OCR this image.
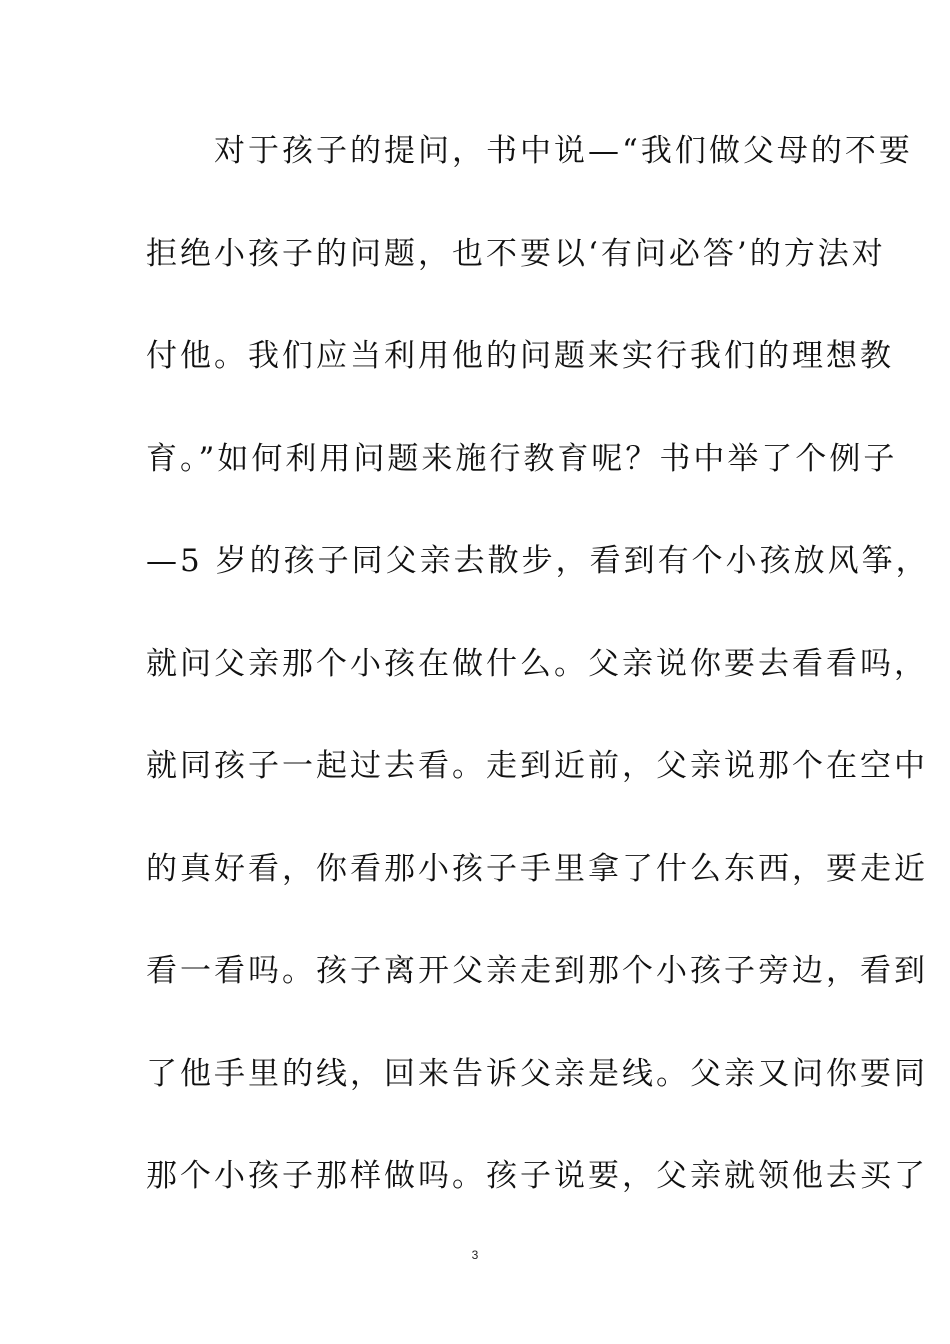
　　对于孩子的提问，书中说—“我们做父母的不要
拒绝小孩子的问题，也不要以‘有问必答’的方法对
付他。我们应当利用他的问题来实行我们的理想教
育。”如何利用问题来施行教育呢？书中举了个例子
—5 岁的孩子同父亲去散步，看到有个小孩放风筝，
就问父亲那个小孩在做什么。父亲说你要去看看吗，
就同孩子一起过去看。走到近前，父亲说那个在空中
的真好看，你看那小孩子手里拿了什么东西，要走近
看一看吗。孩子离开父亲走到那个小孩子旁边，看到
了他手里的线，回来告诉父亲是线。父亲又问你要同
那个小孩子那样做吗。孩子说要，父亲就领他去买了
3
